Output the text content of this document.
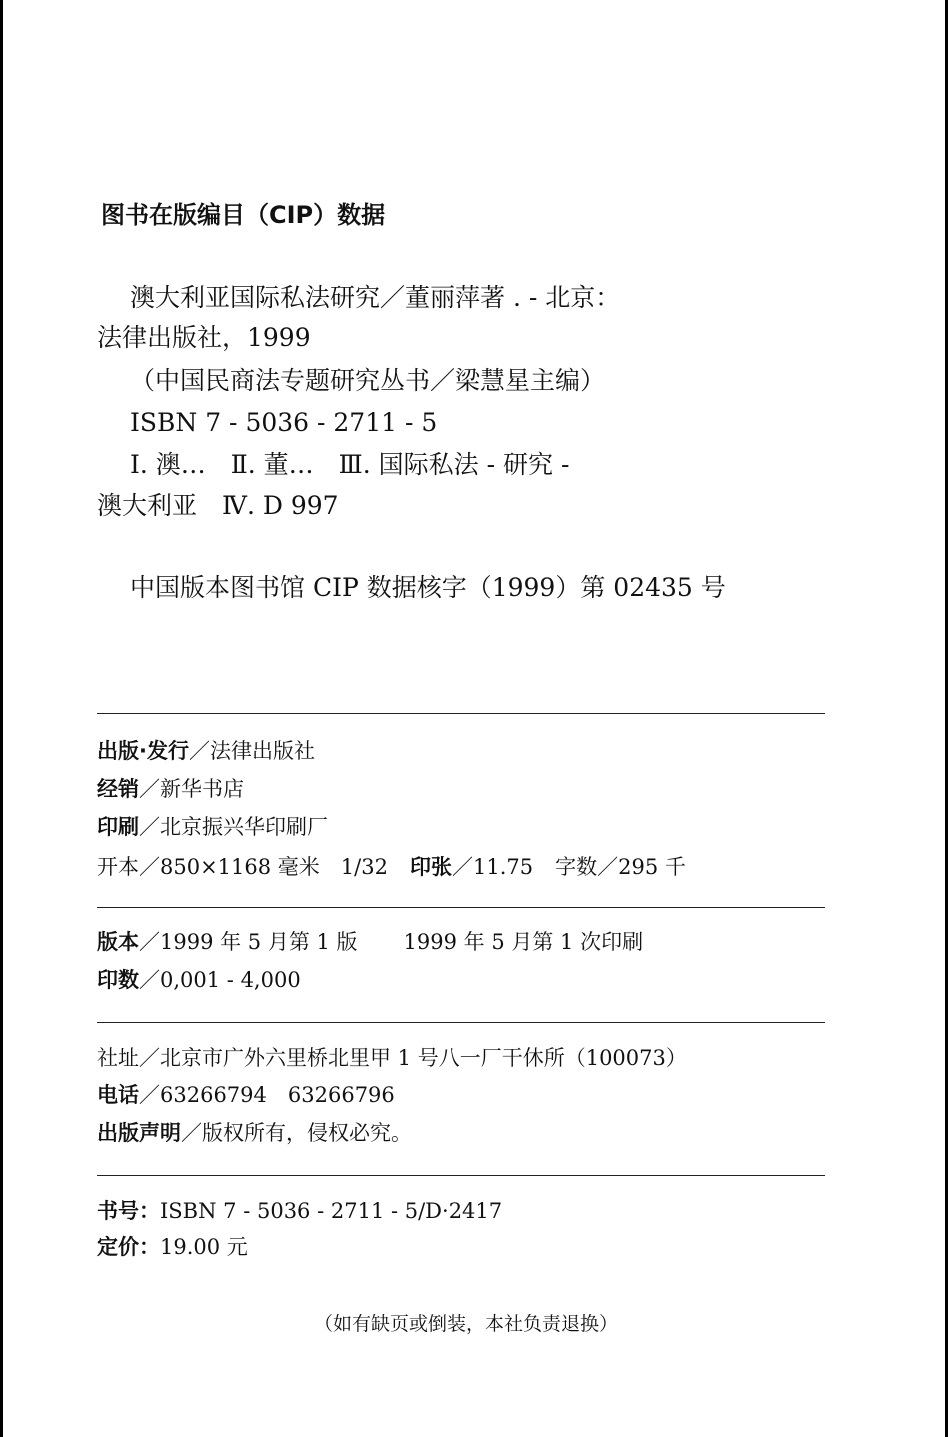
图书在版编目（CIP）数据
澳大利亚国际私法研究／董丽萍著 . - 北京：
法律出版社，1999
（中国民商法专题研究丛书／梁慧星主编）
ISBN 7 - 5036 - 2711 - 5
Ⅰ. 澳…　Ⅱ. 董…　Ⅲ. 国际私法 - 研究 -
澳大利亚　Ⅳ. D 997
中国版本图书馆 CIP 数据核字（1999）第 02435 号
出版·发行／法律出版社
经销／新华书店
印刷／北京振兴华印刷厂
开本／850×1168 毫米　1/32 印张／11.75 字数／295 千
版本／1999 年 5 月第 1 版 1999 年 5 月第 1 次印刷
印数／0,001 - 4,000
社址／北京市广外六里桥北里甲 1 号八一厂干休所（100073）
电话／63266794　63266796
出版声明／版权所有，侵权必究。
书号：ISBN 7 - 5036 - 2711 - 5/D·2417
定价：19.00 元
（如有缺页或倒装，本社负责退换）
